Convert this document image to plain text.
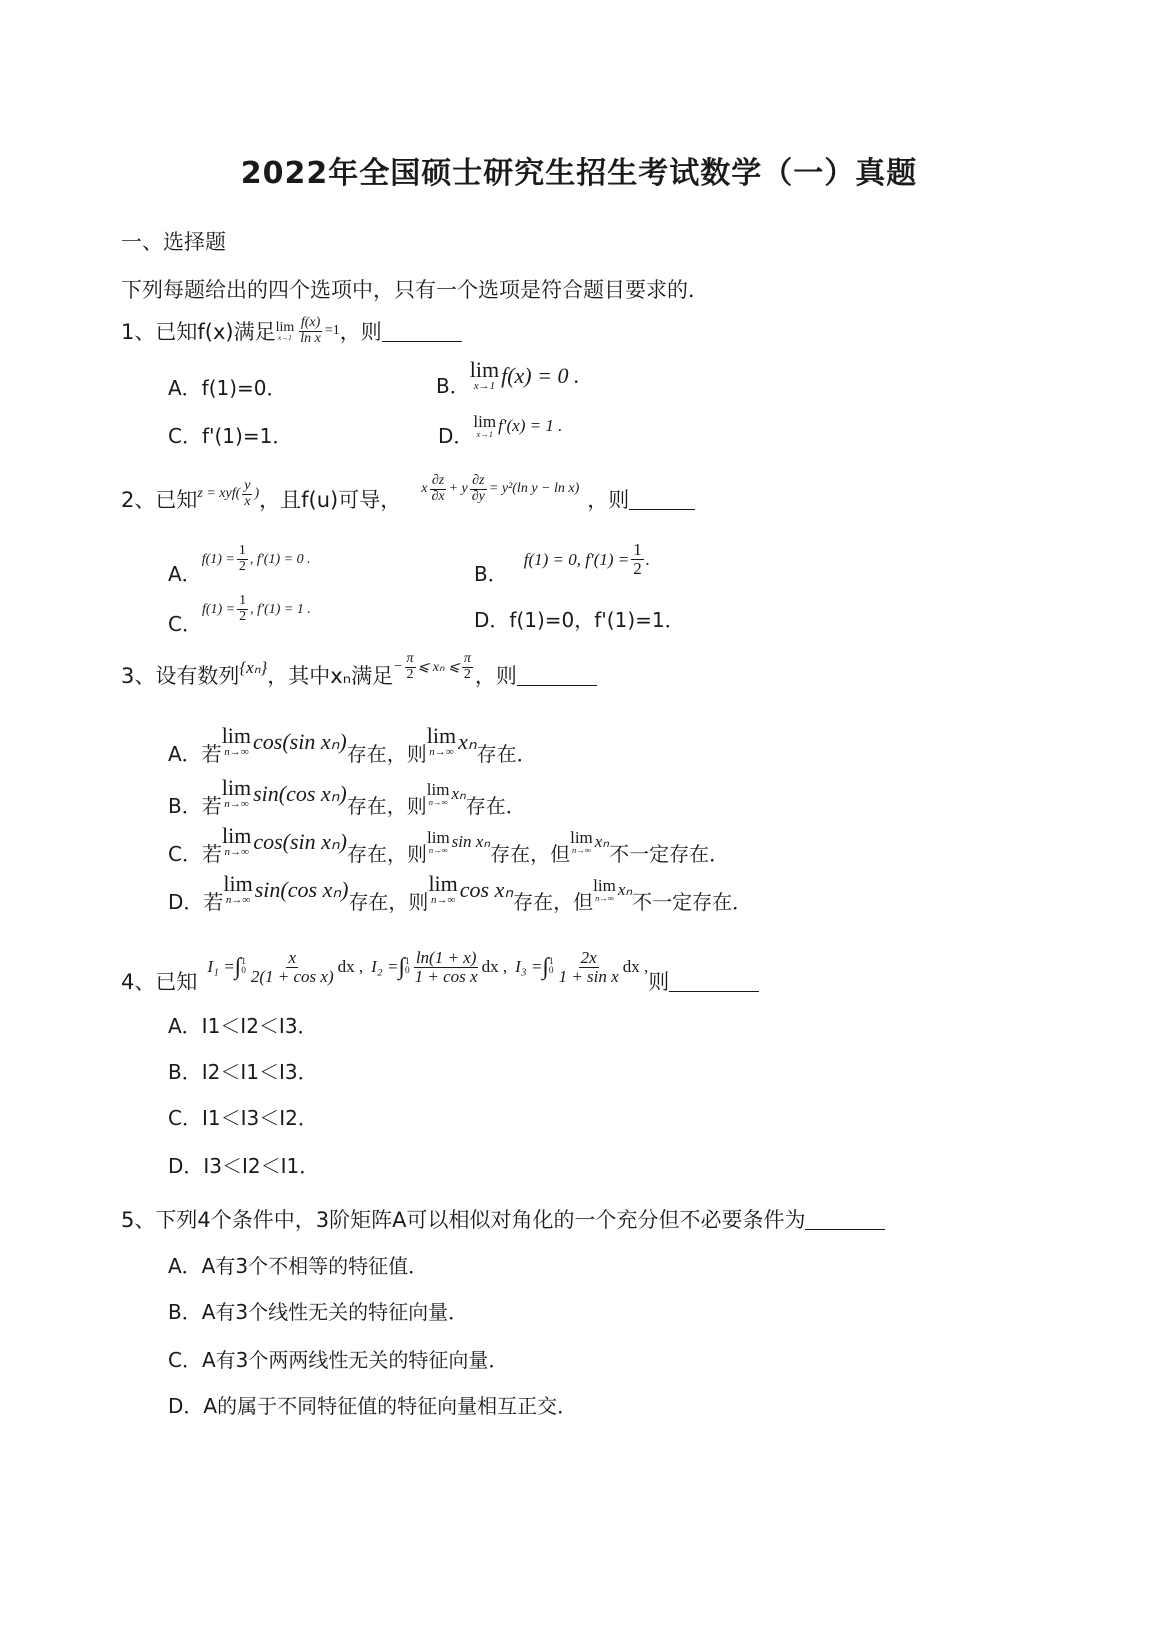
2022年全国硕士研究生招生考试数学（一）真题
一、选择题
下列每题给出的四个选项中，只有一个选项是符合题目要求的．
1、已知f(x)满足 lim
$x\to 1 \frac{f(x)}{\text{ln x}} =1$ ，则
A．f(1)=0．	B．
lim
x→1 f(x) = 0 .
C．f'(1)=1．	D．
lim
x→1 f′(x) = 1 .
2、已知 $z = xyf( \frac{y}{x}$ ) ，且f(u)可导， x $\frac{\partial z}{\partial x} + y \frac{\partial z}{\partial y} = y^2(\ln$ y − ln x) ，则
A．
$f(1) = \frac{1}{2}$ , f′(1) = 0 .
B．
f(1) = 0, $f'(1) = \frac{1}{2}$ .
C．
$f(1) = \frac{1}{2}$ , f′(1) = 1 .	D．f(1)=0，f'(1)=1．
3、设有数列 {xₙ} ，其中xₙ满足 − $\frac{\pi}{2}$ ⩽ xₙ ⩽ $\frac{\pi}{2}$ ，则
A．若
lim
n→∞ cos(sin xₙ)
存在，则
lim
n→∞ xₙ
存在．
B．若
lim
n→∞ sin(cos xₙ)
存在，则
lim
n→∞ xₙ
存在．
C．若
lim
n→∞ cos(sin xₙ)
存在，则
lim
n→∞ sin xₙ
存在，但
lim
n→∞ xₙ
不一定存在．
D．若
lim
n→∞ sin(cos xₙ)
存在，则
lim
n→∞ cos xₙ
存在，但
lim
n→∞ xₙ
不一定存在．
4、已知
I₁ = ∫ 1
$0 \frac{x}{\text{2(1 + cos x)}}$ dx , I₂ = ∫ 1
$0 \frac{\ln(1 + x)}{\text{1 + cos x}}$ dx , I₃ = ∫ 1
$0 \frac{2x}{\text{1 + sin x}}$ dx ,
则
A．I1＜I2＜I3．
B．I2＜I1＜I3．
C．I1＜I3＜I2．
D．I3＜I2＜I1．
5、下列4个条件中，3阶矩阵A可以相似对角化的一个充分但不必要条件为
A．A有3个不相等的特征值．
B．A有3个线性无关的特征向量．
C．A有3个两两线性无关的特征向量．
D．A的属于不同特征值的特征向量相互正交．
